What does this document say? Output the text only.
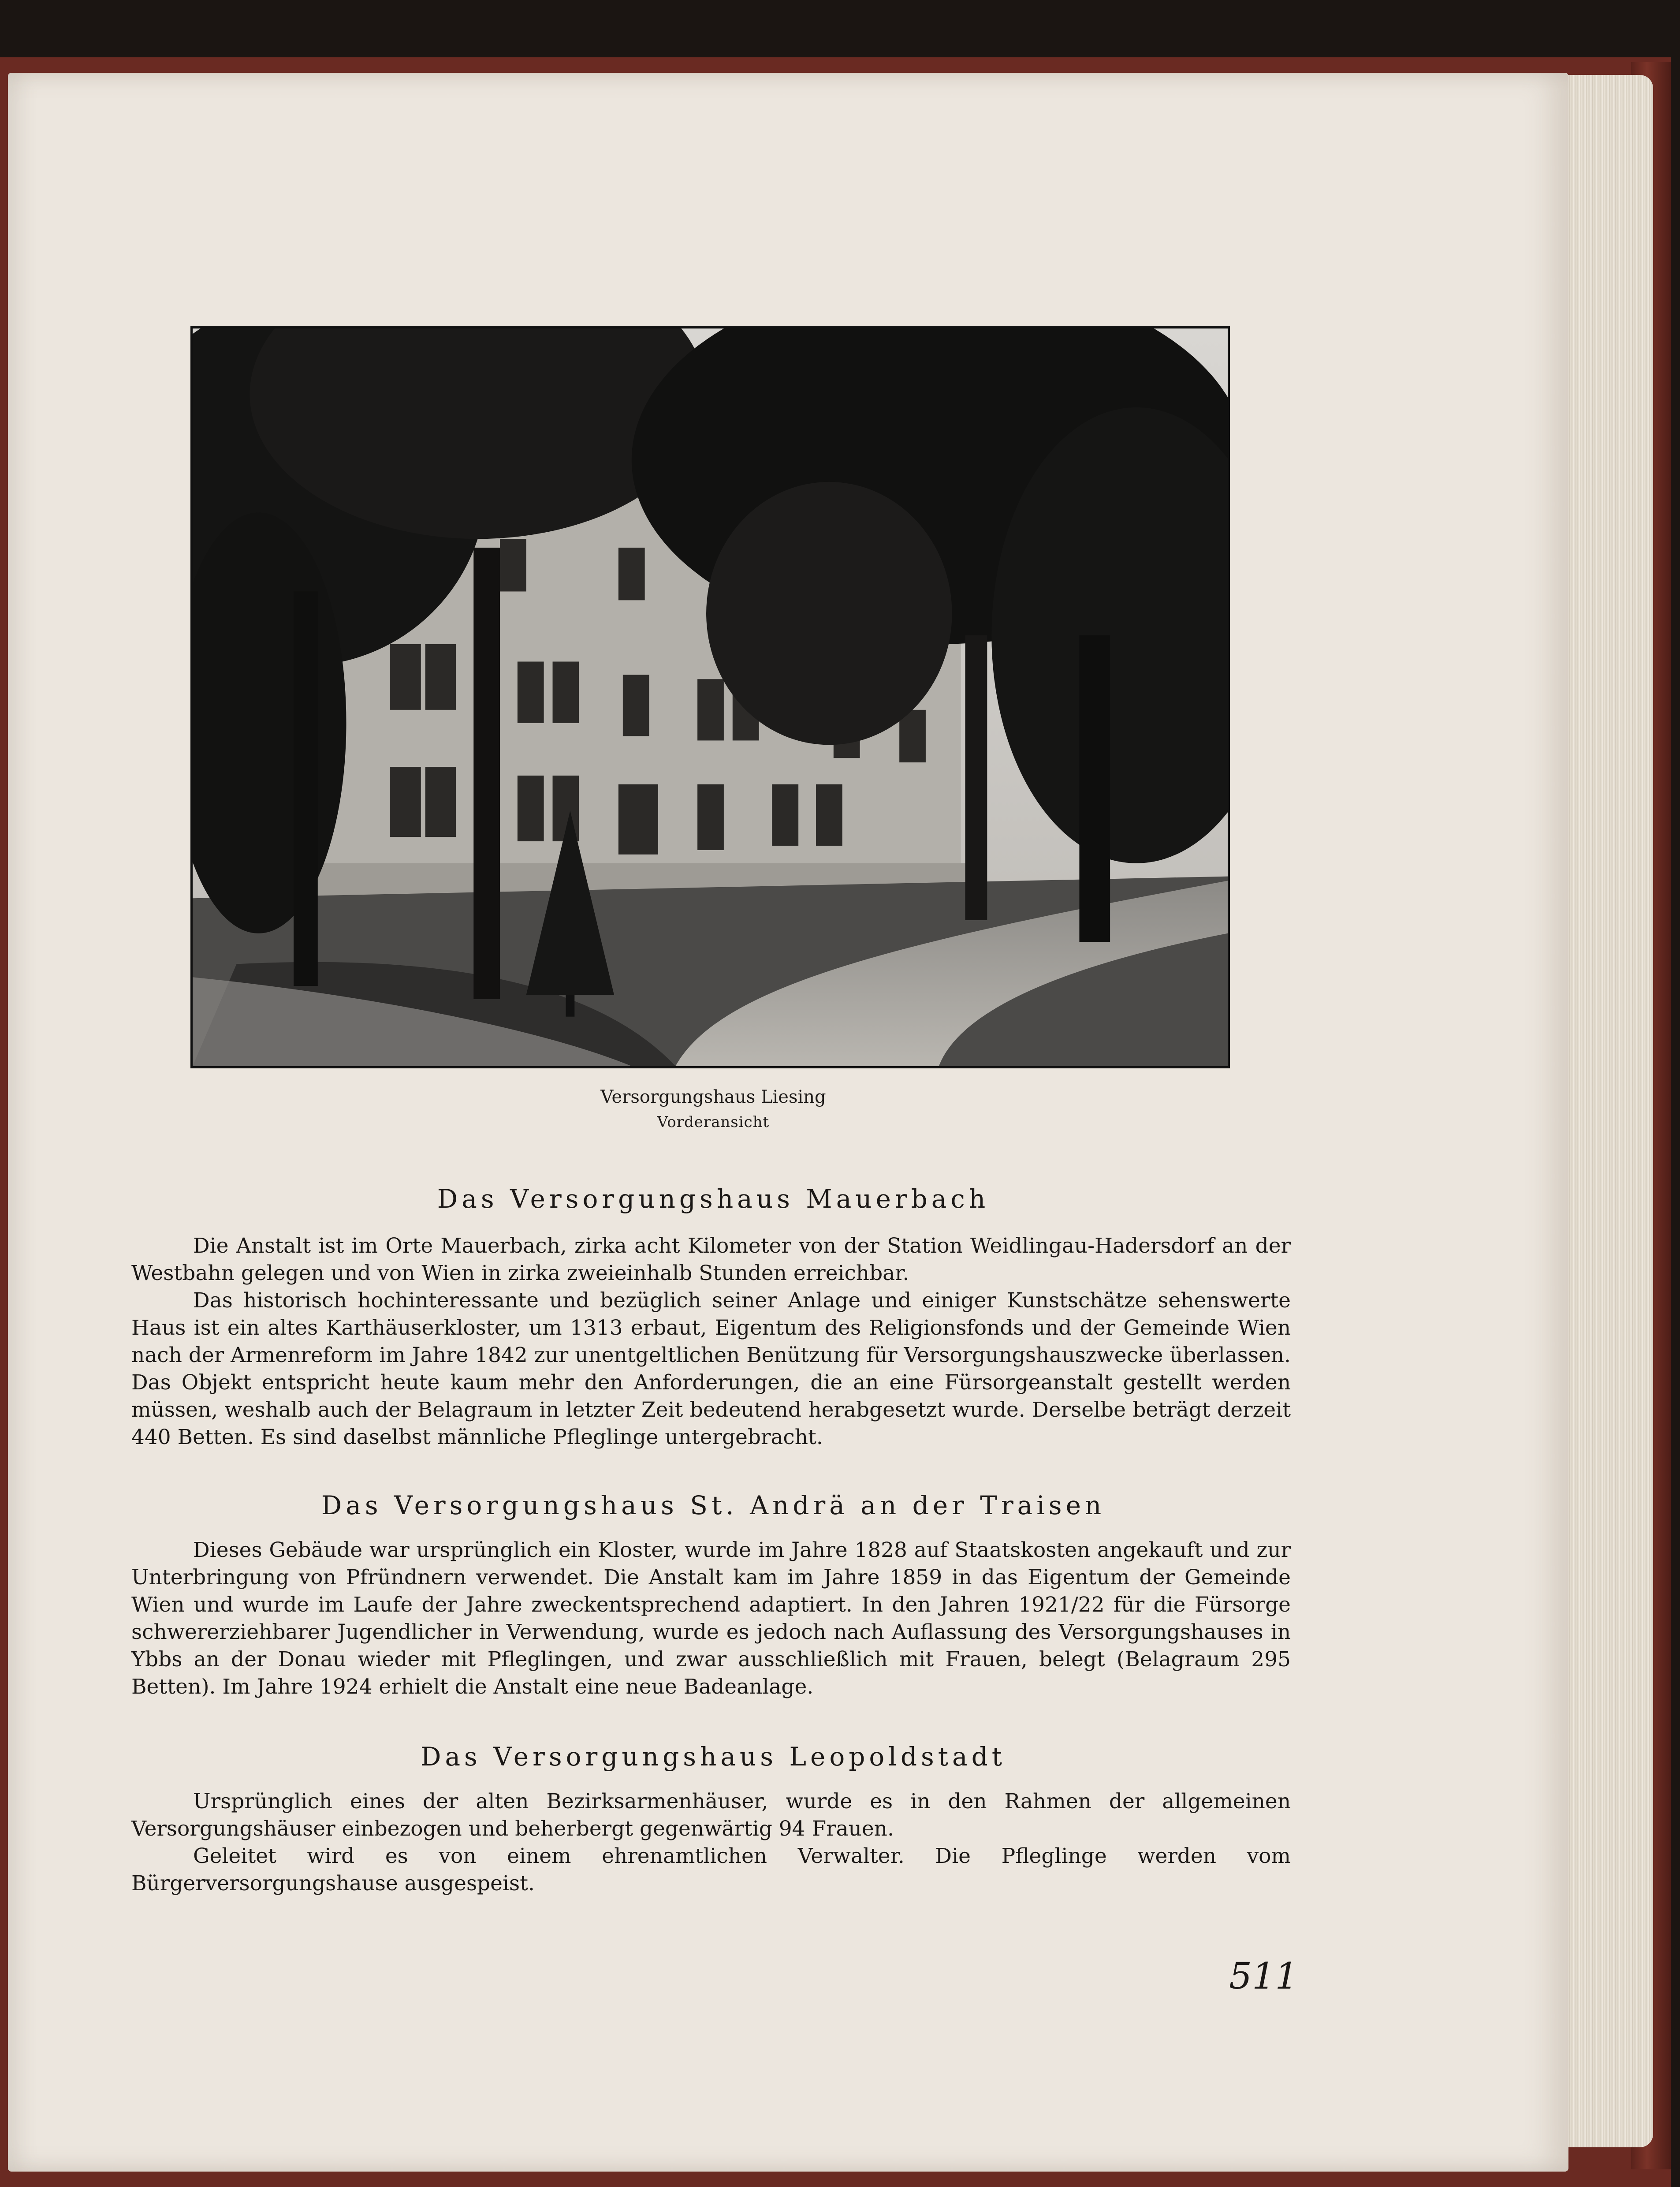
Versorgungshaus Liesing
Vorderansicht
Das Versorgungshaus Mauerbach

Die Anstalt ist im Orte Mauerbach, zirka acht Kilometer von der Station Weidlingau-Hadersdorf an der Westbahn gelegen und von Wien in zirka zweieinhalb Stunden erreichbar.

Das historisch hochinteressante und bezüglich seiner Anlage und einiger Kunstschätze sehenswerte Haus ist ein altes Karthäuserkloster, um 1313 erbaut, Eigentum des Religionsfonds und der Gemeinde Wien nach der Armenreform im Jahre 1842 zur unentgeltlichen Benützung für Versorgungshauszwecke überlassen. Das Objekt entspricht heute kaum mehr den Anforderungen, die an eine Fürsorgeanstalt gestellt werden müssen, weshalb auch der Belagraum in letzter Zeit bedeutend herabgesetzt wurde. Derselbe beträgt derzeit 440 Betten. Es sind daselbst männliche Pfleglinge untergebracht.

Das Versorgungshaus St. Andrä an der Traisen

Dieses Gebäude war ursprünglich ein Kloster, wurde im Jahre 1828 auf Staatskosten angekauft und zur Unterbringung von Pfründnern verwendet. Die Anstalt kam im Jahre 1859 in das Eigentum der Gemeinde Wien und wurde im Laufe der Jahre zweckentsprechend adaptiert. In den Jahren 1921/22 für die Fürsorge schwererziehbarer Jugendlicher in Verwendung, wurde es jedoch nach Auflassung des Versorgungshauses in Ybbs an der Donau wieder mit Pfleglingen, und zwar ausschließlich mit Frauen, belegt (Belagraum 295 Betten). Im Jahre 1924 erhielt die Anstalt eine neue Badeanlage.

Das Versorgungshaus Leopoldstadt

Ursprünglich eines der alten Bezirksarmenhäuser, wurde es in den Rahmen der allgemeinen Versorgungshäuser einbezogen und beherbergt gegenwärtig 94 Frauen.

Geleitet wird es von einem ehrenamtlichen Verwalter. Die Pfleglinge werden vom Bürgerversorgungshause ausgespeist.

511
